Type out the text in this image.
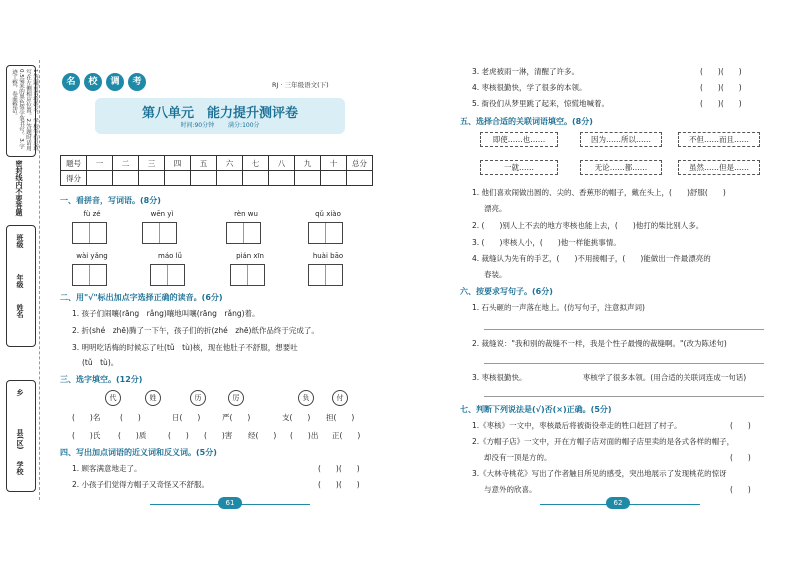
1.答题前请将姓名、学校等信息填写在左侧相应位置。2.答题时请用0.5毫米的黑色签字笔书写。3.字迹工整，卷面整洁。
密封线内不要答题
班级
年级
姓名
乡
县(区)
学校
名 校 调 考	RJ · 三年级语文(下)
第八单元　能力提升测评卷
时间:90分钟　　 满分:100分
题号	一	二	三	四	五	六	七	八	九	十	总分
得分											
一、看拼音，写词语。(8分)
fù zé	wēn yì	rèn wu	qǔ xiào
wài yǎng	máo lǘ	pián xīn	huài bāo
二、用"√"标出加点字选择正确的读音。(6分)
1. 孩子们闹嚷(rāng　rǎng)嚷地叫嚷(rāng　rǎng)着。
2. 折(shé　zhē)腾了一下午，孩子们的折(zhé　zhē)纸作品终于完成了。
3. 明明吃话梅的时候忘了吐(tǔ　tù)核，现在他肚子不舒服，想要吐
(tǔ　tù)。
三、选字填空。(12分)
代	姓	历	厉	负	付
(　　)名	(　　)	日(　　)	严(　　)	支(　　) 担(　　)
(　　)氏 (　　)质	(　　) (　　)害 经(　　) (　　)出 正(　　)
四、写出加点词语的近义词和反义词。(5分)
1. 顾客满意地走了。	(　　)(　　)
2. 小孩子们觉得方帽子又奇怪又不舒服。	(　　)(　　)
61
3. 老虎被雨一淋，清醒了许多。	(　　)(　　)
4. 枣核很勤快，学了很多的本领。	(　　)(　　)
5. 衙役们从梦里跳了起来，惊慌地喊着。	(　　)(　　)
五、选择合适的关联词语填空。(8分)
即使……也……	因为……所以……	不但……而且……
一就……	无论……都……	虽然……但是……
1. 他们喜欢闹做出圆的、尖的、香蕉形的帽子，戴在头上，(　　)舒服(　　)
漂亮。
2. (　　)别人上不去的地方枣核也能上去，(　　)他打的柴比别人多。
3. (　　)枣核人小，(　　)他一样能挑事情。
4. 裁缝认为先有的手艺，(　　)不用接帽子，(　　)能做出一件最漂亮的
春装。
六、按要求写句子。(6分)
1. 石头砸的一声落在地上。(仿写句子，注意拟声词)
2. 裁缝说："我和别的裁缝不一样，我是个性子最慢的裁缝啊。"(改为陈述句)
3. 枣核很勤快。　　　　　　　　枣核学了很多本领。(用合适的关联词连成一句话)
七、判断下列说法是(√)否(×)正确。(5分)
1.《枣核》一文中，枣核最后将被衙役牵走的牲口赶回了村子。	(　　)
2.《方帽子店》一文中，开在方帽子店对面的帽子店里卖的是各式各样的帽子，
却没有一顶是方的。	(　　)
3.《大林寺桃花》写出了作者触目所见的感受，突出地展示了发现桃花的惊讶
与意外的欣喜。	(　　)
62
